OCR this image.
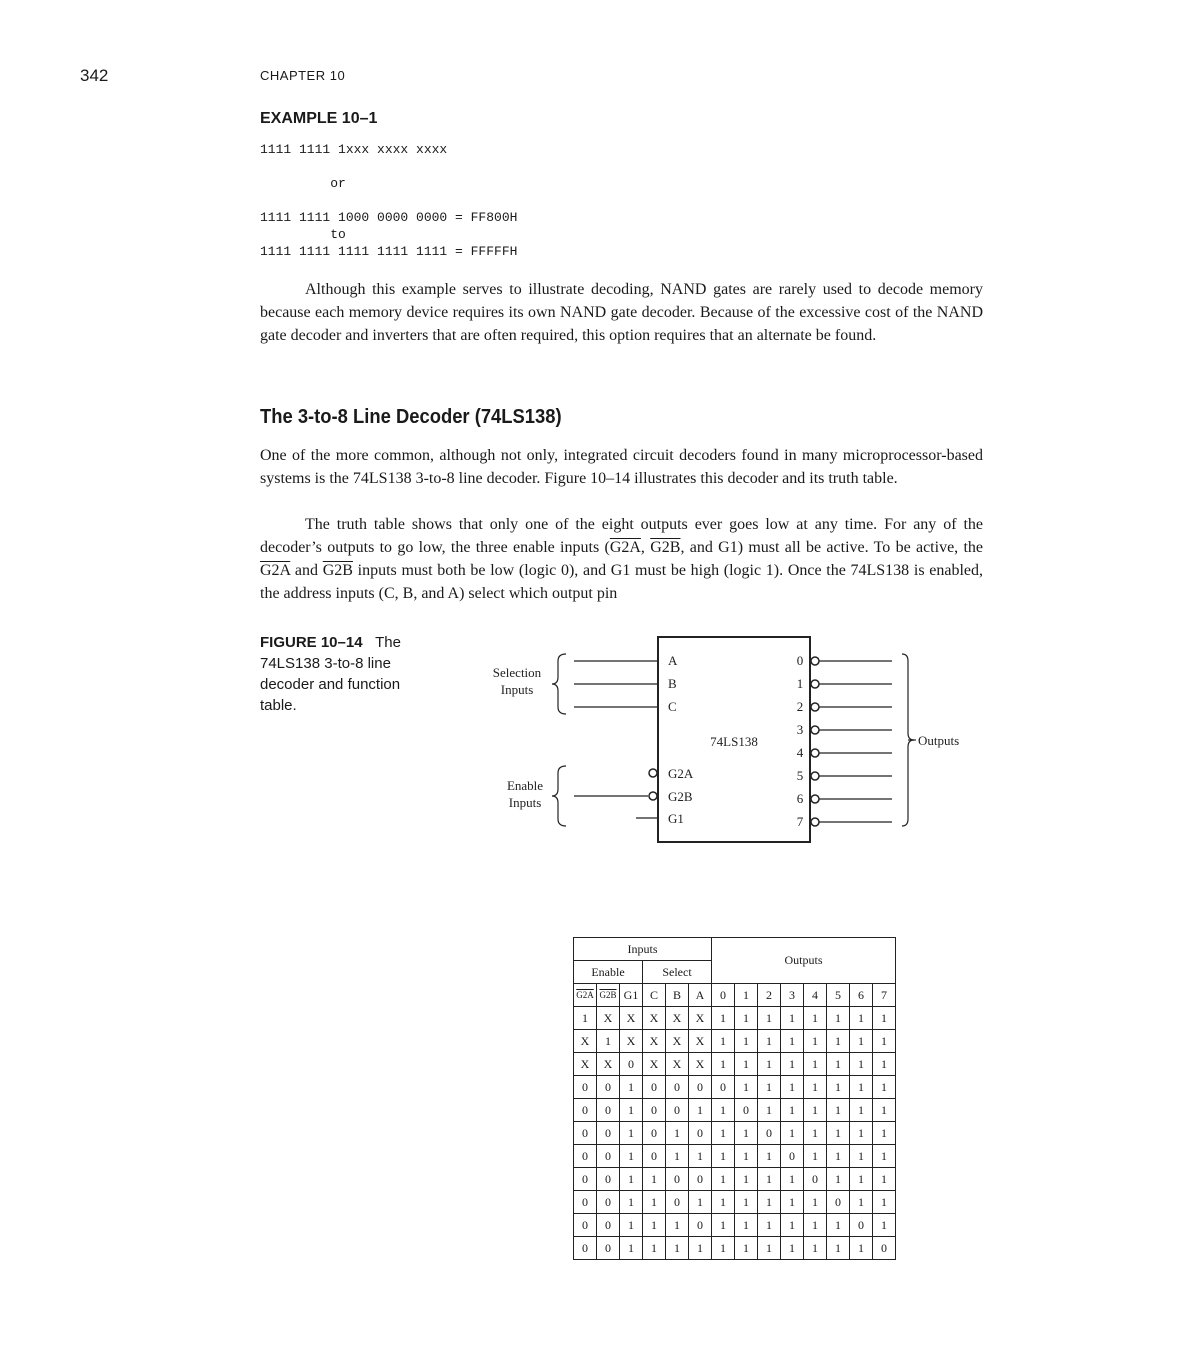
342	CHAPTER 10
EXAMPLE 10–1
1111 1111 1xxx xxxx xxxx
or
1111 1111 1000 0000 0000 = FF800H
to
1111 1111 1111 1111 1111 = FFFFFH

Although this example serves to illustrate decoding, NAND gates are rarely used to decode memory because each memory device requires its own NAND gate decoder. Because of the excessive cost of the NAND gate decoder and inverters that are often required, this option requires that an alternate be found.

The 3-to-8 Line Decoder (74LS138)

One of the more common, although not only, integrated circuit decoders found in many microprocessor-based systems is the 74LS138 3-to-8 line decoder. Figure 10–14 illustrates this decoder and its truth table.

The truth table shows that only one of the eight outputs ever goes low at any time. For any of the decoder’s outputs to go low, the three enable inputs (G2A, G2B, and G1) must all be active. To be active, the G2A and G2B inputs must both be low (logic 0), and G1 must be high (logic 1). Once the 74LS138 is enabled, the address inputs (C, B, and A) select which output pin

FIGURE 10–14 The 74LS138 3-to-8 line decoder and function table.
74LS138
Selection
Inputs
Enable
Inputs
A
B
C
G2A
G2B
G1
0
1
2
3
4
5
6
7
Outputs
Inputs						Outputs							
Enable			Select										
G2A	G2B	G1	C	B	A	0	1	2	3	4	5	6	7
1	X	X	X	X	X	1	1	1	1	1	1	1	1
X	1	X	X	X	X	1	1	1	1	1	1	1	1
X	X	0	X	X	X	1	1	1	1	1	1	1	1
0	0	1	0	0	0	0	1	1	1	1	1	1	1
0	0	1	0	0	1	1	0	1	1	1	1	1	1
0	0	1	0	1	0	1	1	0	1	1	1	1	1
0	0	1	0	1	1	1	1	1	0	1	1	1	1
0	0	1	1	0	0	1	1	1	1	0	1	1	1
0	0	1	1	0	1	1	1	1	1	1	0	1	1
0	0	1	1	1	0	1	1	1	1	1	1	0	1
0	0	1	1	1	1	1	1	1	1	1	1	1	0
